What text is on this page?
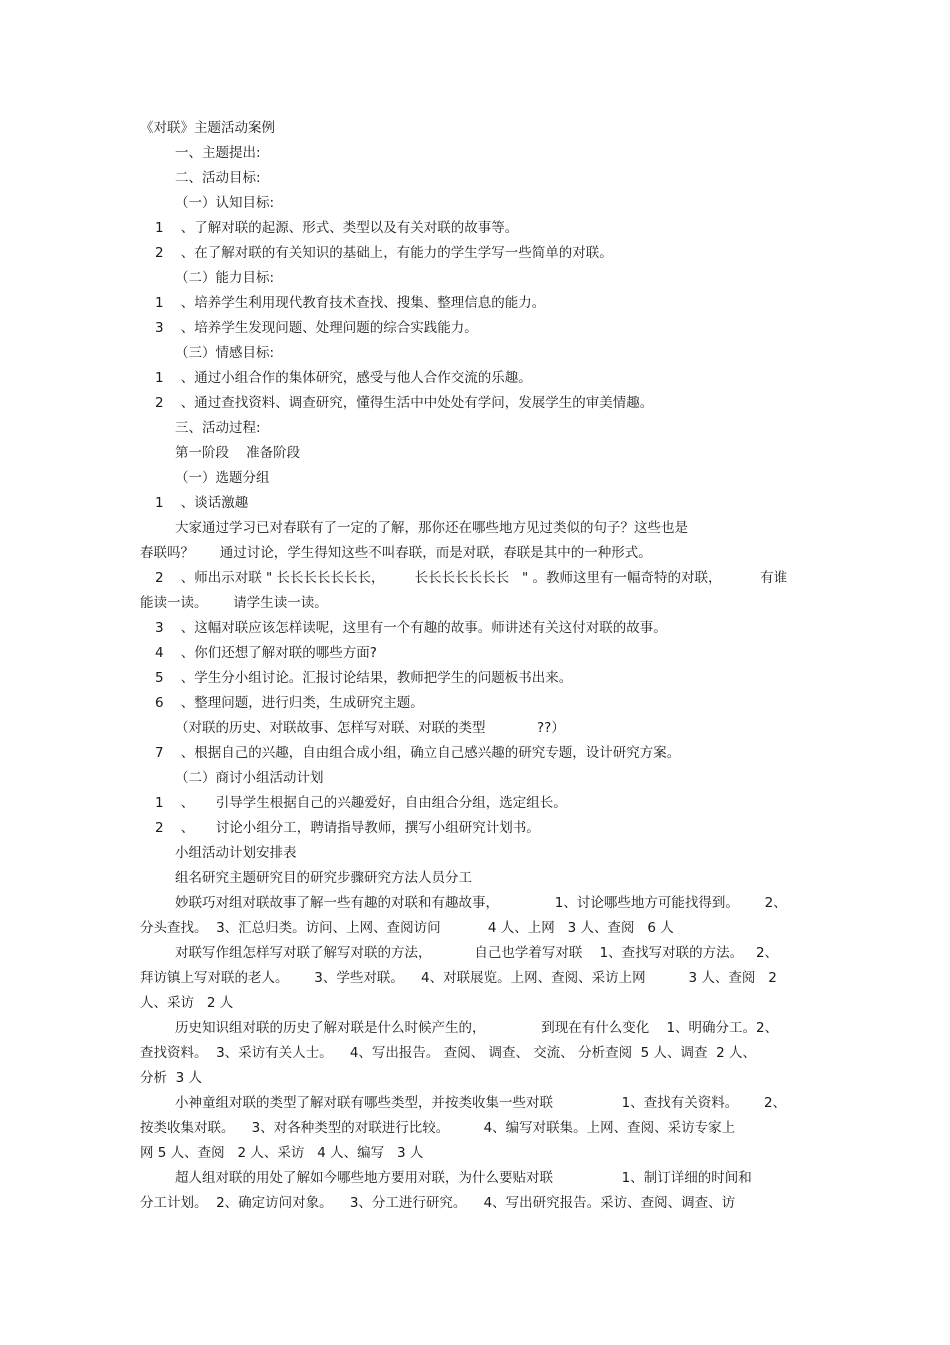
《对联》主题活动案例
一、主题提出:
二、活动目标:
（一）认知目标:
1    、了解对联的起源、形式、类型以及有关对联的故事等。
2    、在了解对联的有关知识的基础上，有能力的学生学写一些简单的对联。
（二）能力目标:
1    、培养学生利用现代教育技术查找、搜集、整理信息的能力。
3    、培养学生发现问题、处理问题的综合实践能力。
（三）情感目标:
1    、通过小组合作的集体研究，感受与他人合作交流的乐趣。
2    、通过查找资料、调查研究，懂得生活中中处处有学问，发展学生的审美情趣。
三、活动过程:
第一阶段    准备阶段
（一）选题分组
1    、谈话激趣
大家通过学习已对春联有了一定的了解，那你还在哪些地方见过类似的句子？这些也是
春联吗？      通过讨论，学生得知这些不叫春联，而是对联，春联是其中的一种形式。
2    、师出示对联 " 长长长长长长长，       长长长长长长长   " 。教师这里有一幅奇特的对联，         有谁
能读一读。      请学生读一读。
3    、这幅对联应该怎样读呢，这里有一个有趣的故事。师讲述有关这付对联的故事。
4    、你们还想了解对联的哪些方面?
5    、学生分小组讨论。汇报讨论结果，教师把学生的问题板书出来。
6    、整理问题，进行归类，生成研究主题。
（对联的历史、对联故事、怎样写对联、对联的类型            ??）
7    、根据自己的兴趣，自由组合成小组，确立自己感兴趣的研究专题，设计研究方案。
（二）商讨小组活动计划
1    、     引导学生根据自己的兴趣爱好，自由组合分组，选定组长。
2    、     讨论小组分工，聘请指导教师，撰写小组研究计划书。
小组活动计划安排表
组名研究主题研究目的研究步骤研究方法人员分工
妙联巧对组对联故事了解一些有趣的对联和有趣故事，             1、讨论哪些地方可能找得到。      2、
分头查找。  3、汇总归类。访问、上网、查阅访问           4 人、上网   3 人、查阅   6 人
对联写作组怎样写对联了解写对联的方法，          自己也学着写对联    1、查找写对联的方法。   2、
拜访镇上写对联的老人。      3、学些对联。    4、对联展览。上网、查阅、采访上网          3 人、查阅   2
人、采访   2 人
历史知识组对联的历史了解对联是什么时候产生的，             到现在有什么变化    1、明确分工。2、
查找资料。  3、采访有关人士。    4、写出报告。 查阅、 调查、 交流、 分析查阅  5 人、调查  2 人、
分析  3 人
小神童组对联的类型了解对联有哪些类型，并按类收集一些对联                1、查找有关资料。      2、
按类收集对联。    3、对各种类型的对联进行比较。        4、编写对联集。上网、查阅、采访专家上
网 5 人、查阅   2 人、采访   4 人、编写   3 人
超人组对联的用处了解如今哪些地方要用对联，为什么要贴对联                1、制订详细的时间和
分工计划。  2、确定访问对象。    3、分工进行研究。    4、写出研究报告。采访、查阅、调查、访
